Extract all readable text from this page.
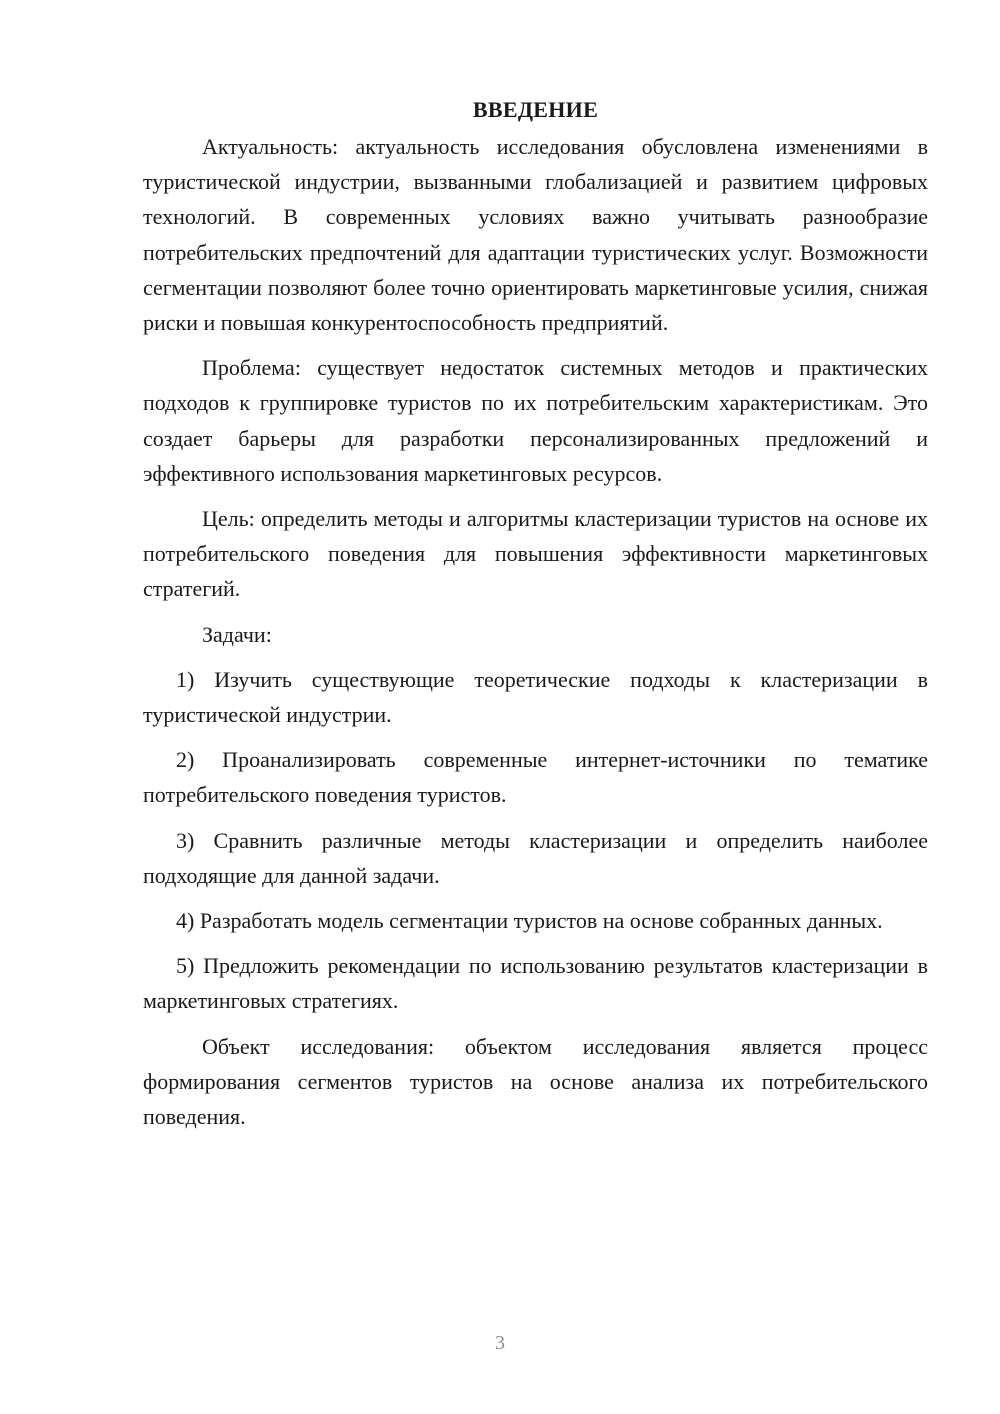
ВВЕДЕНИЕ

Актуальность: актуальность исследования обусловлена изменениями в туристической индустрии, вызванными глобализацией и развитием цифровых технологий. В современных условиях важно учитывать разнообразие потребительских предпочтений для адаптации туристических услуг. Возможности сегментации позволяют более точно ориентировать маркетинговые усилия, снижая риски и повышая конкурентоспособность предприятий.

Проблема: существует недостаток системных методов и практических подходов к группировке туристов по их потребительским характеристикам. Это создает барьеры для разработки персонализированных предложений и эффективного использования маркетинговых ресурсов.

Цель: определить методы и алгоритмы кластеризации туристов на основе их потребительского поведения для повышения эффективности маркетинговых стратегий.

Задачи:

1) Изучить существующие теоретические подходы к кластеризации в туристической индустрии.

2) Проанализировать современные интернет-источники по тематике потребительского поведения туристов.

3) Сравнить различные методы кластеризации и определить наиболее подходящие для данной задачи.

4) Разработать модель сегментации туристов на основе собранных данных.

5) Предложить рекомендации по использованию результатов кластеризации в маркетинговых стратегиях.

Объект исследования: объектом исследования является процесс формирования сегментов туристов на основе анализа их потребительского поведения.

3
